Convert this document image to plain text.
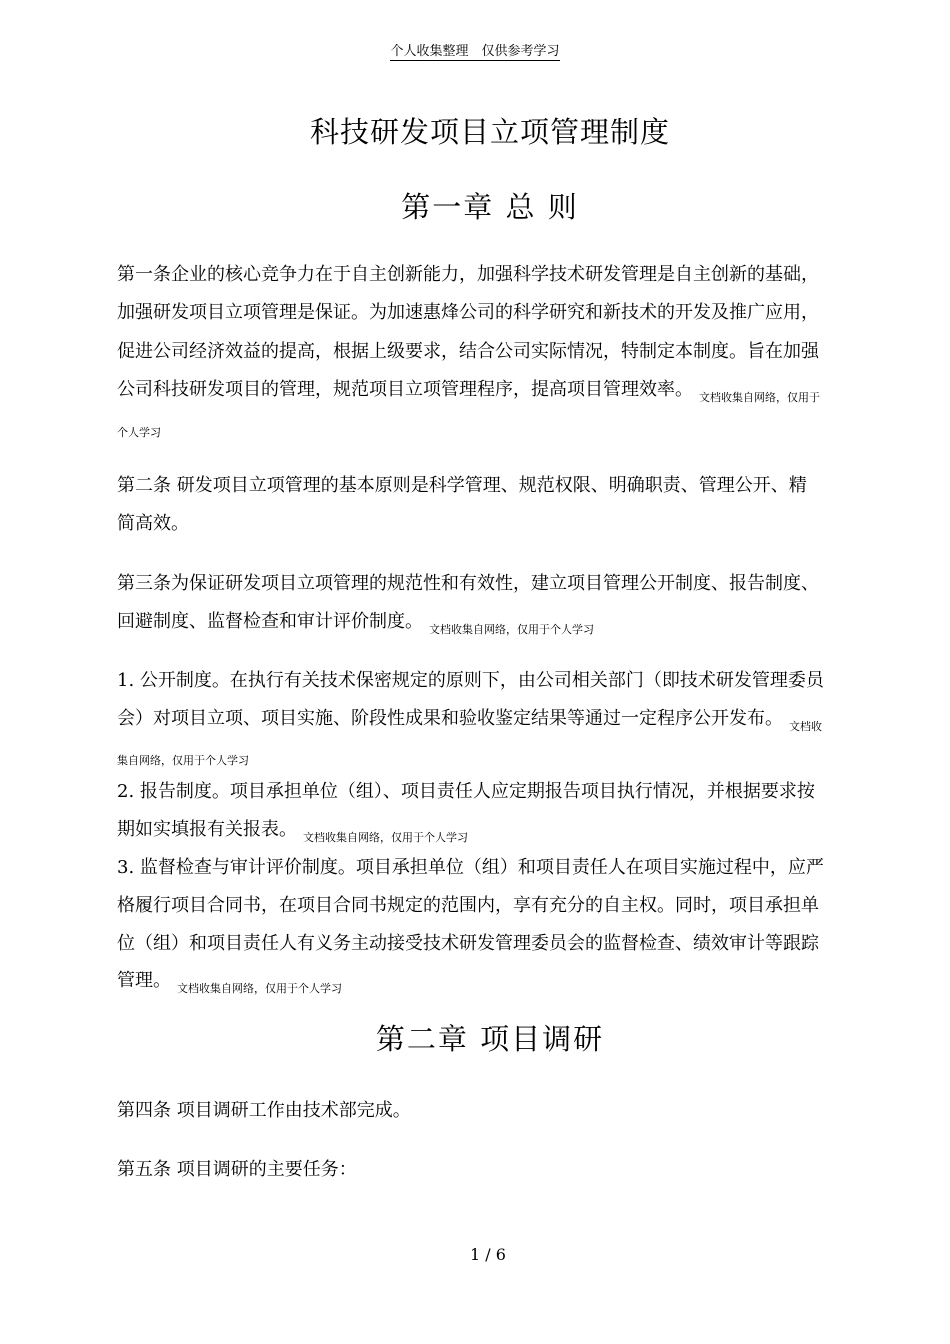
个人收集整理　仅供参考学习
科技研发项目立项管理制度
第一章 总 则
第一条企业的核心竞争力在于自主创新能力，加强科学技术研发管理是自主创新的基础，
加强研发项目立项管理是保证。为加速惠烽公司的科学研究和新技术的开发及推广应用，
促进公司经济效益的提高，根据上级要求，结合公司实际情况，特制定本制度。旨在加强
公司科技研发项目的管理，规范项目立项管理程序，提高项目管理效率。 $_{文档收集自网络,仅用于}$
个人学习
第二条 研发项目立项管理的基本原则是科学管理、规范权限、明确职责、管理公开、精
简高效。
第三条为保证研发项目立项管理的规范性和有效性，建立项目管理公开制度、报告制度、
回避制度、监督检查和审计评价制度。 $_{文档收集自网络,仅用于个人学习}$
1. 公开制度。在执行有关技术保密规定的原则下，由公司相关部门（即技术研发管理委员
会）对项目立项、项目实施、阶段性成果和验收鉴定结果等通过一定程序公开发布。 $_{文档收}$
集自网络，仅用于个人学习
2. 报告制度。项目承担单位（组）、项目责任人应定期报告项目执行情况，并根据要求按
期如实填报有关报表。 $_{文档收集自网络,仅用于个人学习}$
3. 监督检查与审计评价制度。项目承担单位（组）和项目责任人在项目实施过程中，应严
格履行项目合同书，在项目合同书规定的范围内，享有充分的自主权。同时，项目承担单
位（组）和项目责任人有义务主动接受技术研发管理委员会的监督检查、绩效审计等跟踪
管理。 $_{文档收集自网络,仅用于个人学习}$
第二章 项目调研
第四条 项目调研工作由技术部完成。
第五条 项目调研的主要任务：
1 / 6
